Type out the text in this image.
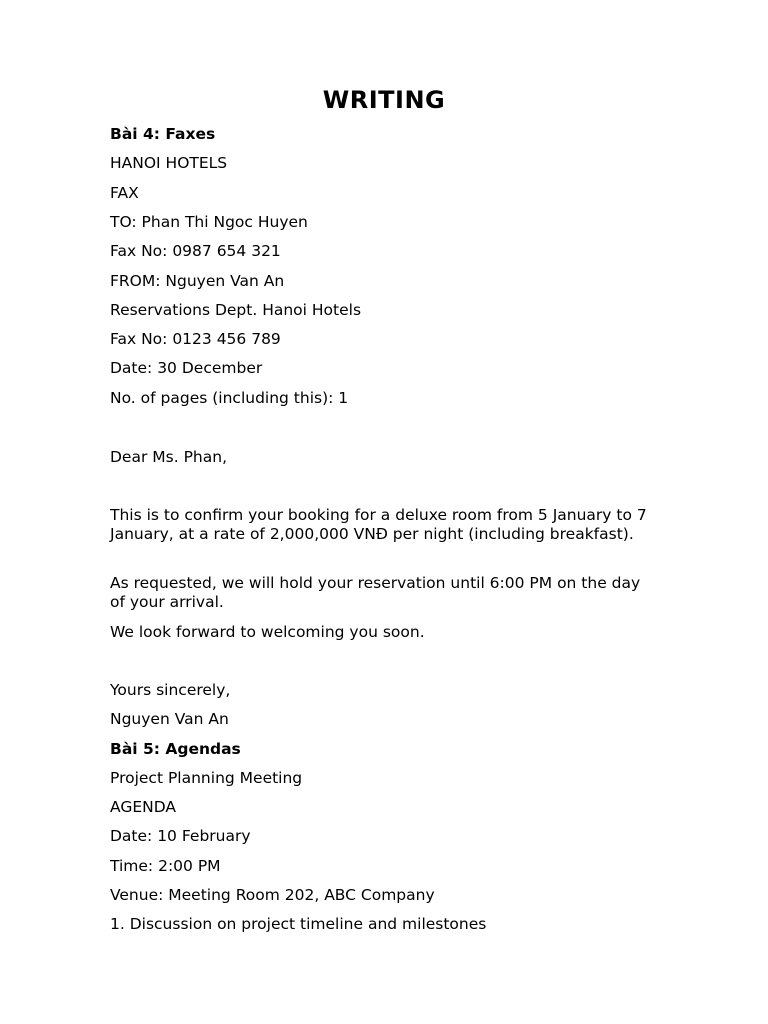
WRITING
Bài 4: Faxes
HANOI HOTELS
FAX
TO: Phan Thi Ngoc Huyen
Fax No: 0987 654 321
FROM: Nguyen Van An
Reservations Dept. Hanoi Hotels
Fax No: 0123 456 789
Date: 30 December
No. of pages (including this): 1
Dear Ms. Phan,
This is to confirm your booking for a deluxe room from 5 January to 7 January, at a rate of 2,000,000 VNĐ per night (including breakfast).
As requested, we will hold your reservation until 6:00 PM on the day of your arrival.
We look forward to welcoming you soon.
Yours sincerely,
Nguyen Van An
Bài 5: Agendas
Project Planning Meeting
AGENDA
Date: 10 February
Time: 2:00 PM
Venue: Meeting Room 202, ABC Company
1. Discussion on project timeline and milestones
